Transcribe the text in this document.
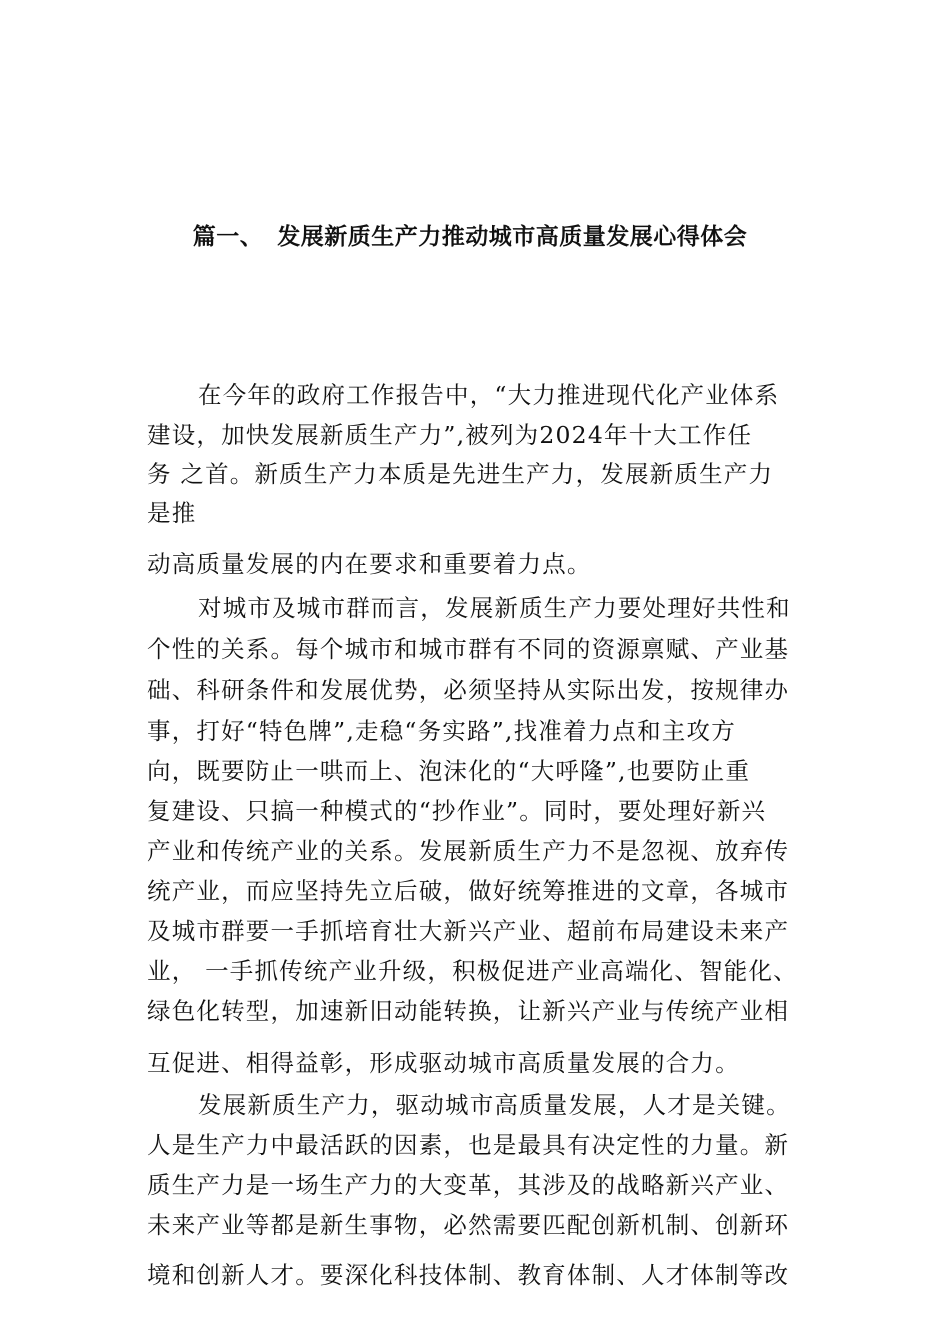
篇一、 发展新质生产力推动城市高质量发展心得体会
在今年的政府工作报告中，“大力推进现代化产业体系
建设，加快发展新质生产力”,被列为2024年十大工作任
务 之首。新质生产力本质是先进生产力，发展新质生产力
是推
动高质量发展的内在要求和重要着力点。
对城市及城市群而言，发展新质生产力要处理好共性和
个性的关系。每个城市和城市群有不同的资源禀赋、产业基
础、科研条件和发展优势，必须坚持从实际出发，按规律办
事，打好“特色牌”,走稳“务实路”,找准着力点和主攻方
向，既要防止一哄而上、泡沫化的“大呼隆”,也要防止重
复建设、只搞一种模式的“抄作业”。同时，要处理好新兴
产业和传统产业的关系。发展新质生产力不是忽视、放弃传
统产业，而应坚持先立后破，做好统筹推进的文章，各城市
及城市群要一手抓培育壮大新兴产业、超前布局建设未来产
业， 一手抓传统产业升级，积极促进产业高端化、智能化、
绿色化转型，加速新旧动能转换，让新兴产业与传统产业相
互促进、相得益彰，形成驱动城市高质量发展的合力。
发展新质生产力，驱动城市高质量发展，人才是关键。
人是生产力中最活跃的因素，也是最具有决定性的力量。新
质生产力是一场生产力的大变革，其涉及的战略新兴产业、
未来产业等都是新生事物，必然需要匹配创新机制、创新环
境和创新人才。要深化科技体制、教育体制、人才体制等改
